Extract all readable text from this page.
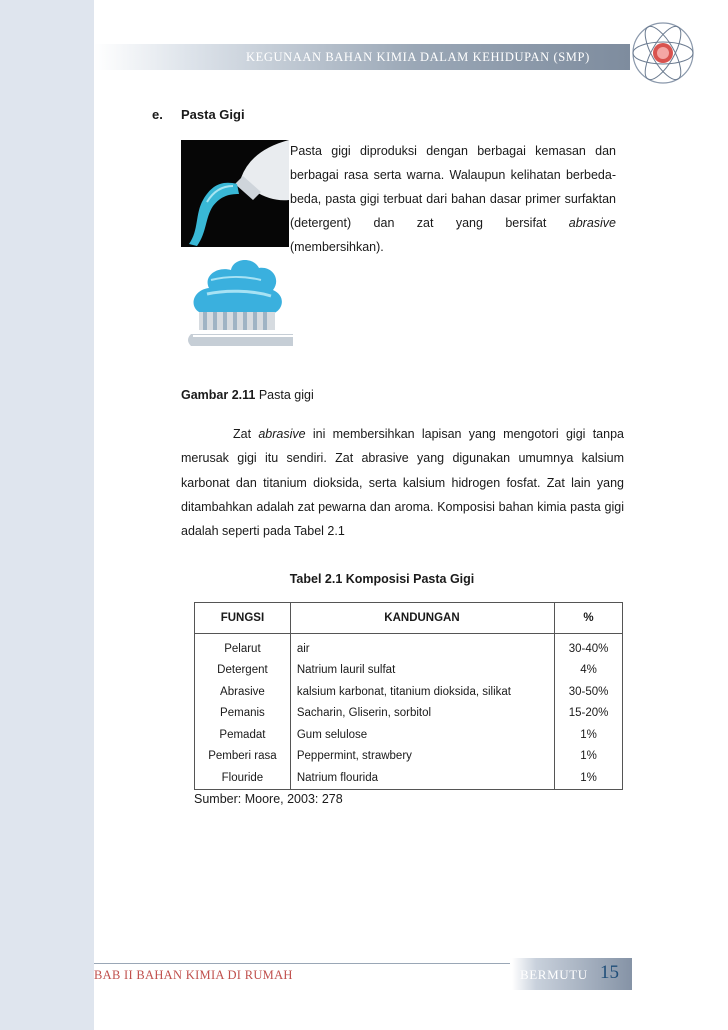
KEGUNAAN BAHAN KIMIA DALAM KEHIDUPAN (SMP)
e. Pasta Gigi
Pasta gigi diproduksi dengan berbagai kemasan dan berbagai rasa serta warna. Walaupun kelihatan berbeda-beda, pasta gigi terbuat dari bahan dasar primer surfaktan (detergent) dan zat yang bersifat abrasive (membersihkan).
Gambar 2.11 Pasta gigi
Zat abrasive ini membersihkan lapisan yang mengotori gigi tanpa merusak gigi itu sendiri. Zat abrasive yang digunakan umumnya kalsium karbonat dan titanium dioksida, serta kalsium hidrogen fosfat. Zat lain yang ditambahkan adalah zat pewarna dan aroma. Komposisi bahan kimia pasta gigi adalah seperti pada Tabel 2.1
Tabel 2.1 Komposisi Pasta Gigi
FUNGSI	KANDUNGAN	%
Pelarut	air	30-40%
Detergent	Natrium lauril sulfat	4%
Abrasive	kalsium karbonat, titanium dioksida, silikat	30-50%
Pemanis	Sacharin, Gliserin, sorbitol	15-20%
Pemadat	Gum selulose	1%
Pemberi rasa	Peppermint, strawbery	1%
Flouride	Natrium flourida	1%
Sumber: Moore, 2003: 278
BAB II BAHAN KIMIA DI RUMAH	BERMUTU 15
